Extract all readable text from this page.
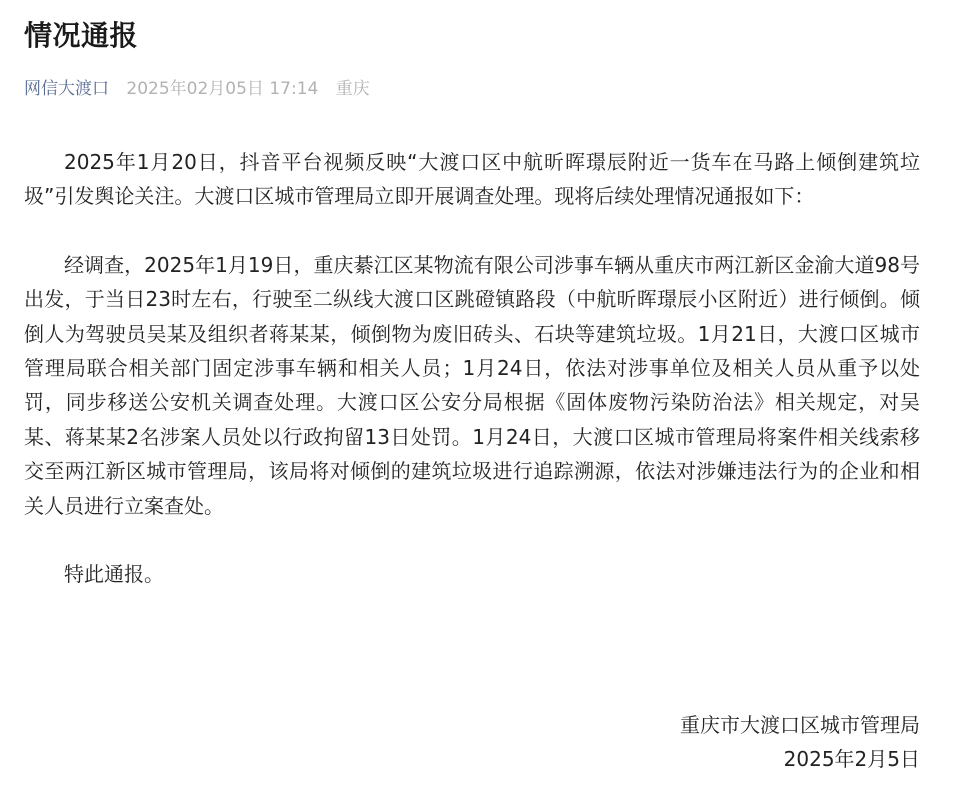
情况通报
网信大渡口 2025年02月05日 17:14 重庆

2025年1月20日，抖音平台视频反映“大渡口区中航昕晖璟辰附近一货车在马路上倾倒建筑垃圾”引发舆论关注。大渡口区城市管理局立即开展调查处理。现将后续处理情况通报如下：

经调查，2025年1月19日，重庆綦江区某物流有限公司涉事车辆从重庆市两江新区金渝大道98号出发，于当日23时左右，行驶至二纵线大渡口区跳磴镇路段（中航昕晖璟辰小区附近）进行倾倒。倾倒人为驾驶员吴某及组织者蒋某某，倾倒物为废旧砖头、石块等建筑垃圾。1月21日，大渡口区城市管理局联合相关部门固定涉事车辆和相关人员；1月24日，依法对涉事单位及相关人员从重予以处罚，同步移送公安机关调查处理。大渡口区公安分局根据《固体废物污染防治法》相关规定，对吴某、蒋某某2名涉案人员处以行政拘留13日处罚。1月24日，大渡口区城市管理局将案件相关线索移交至两江新区城市管理局，该局将对倾倒的建筑垃圾进行追踪溯源，依法对涉嫌违法行为的企业和相关人员进行立案查处。

特此通报。

重庆市大渡口区城市管理局
2025年2月5日
